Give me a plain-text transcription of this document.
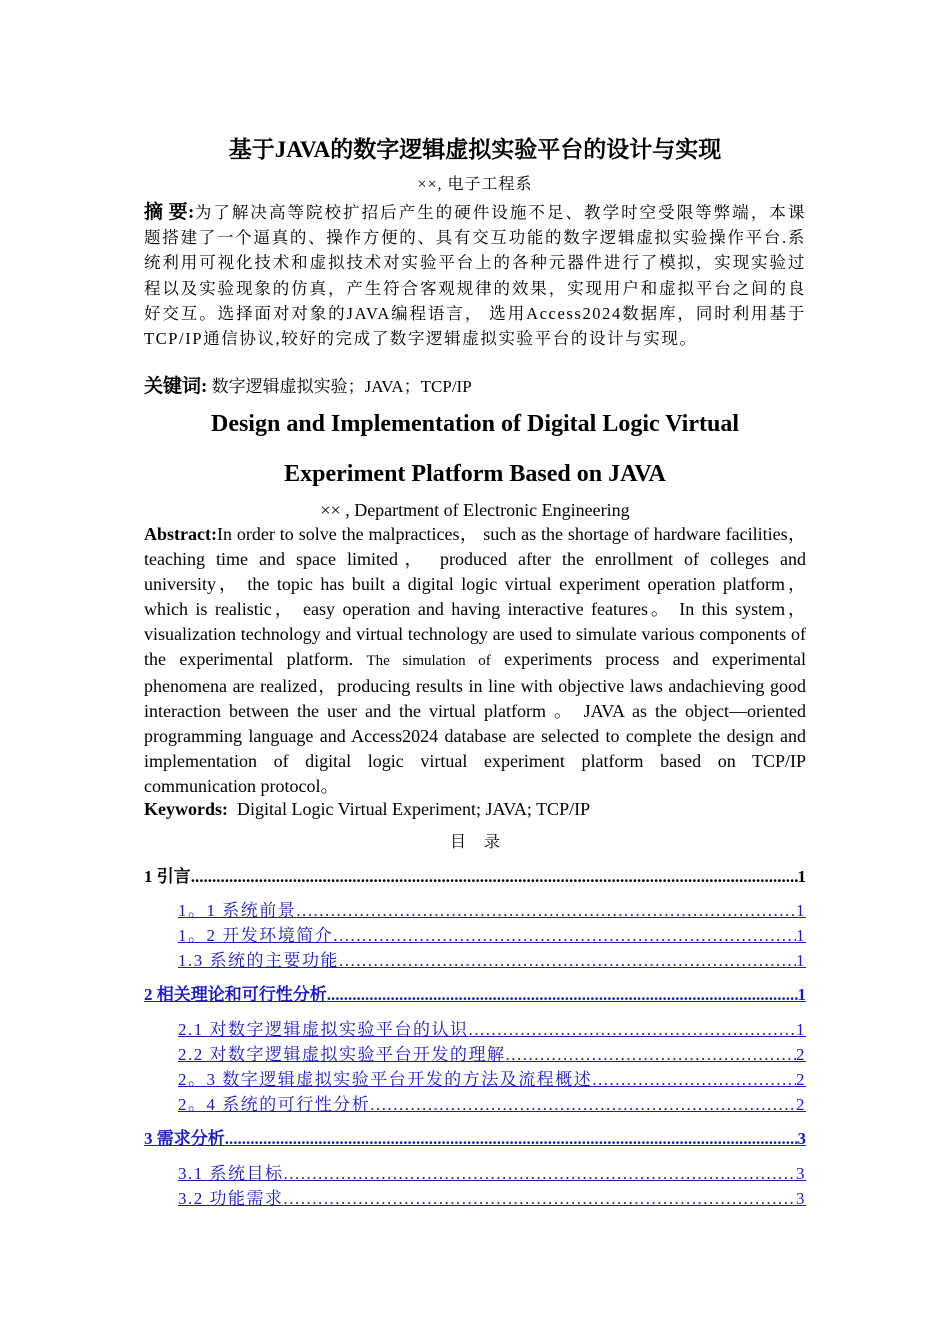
基于JAVA的数字逻辑虚拟实验平台的设计与实现
××, 电子工程系
摘 要:为了解决高等院校扩招后产生的硬件设施不足、教学时空受限等弊端，本课题搭建了一个逼真的、操作方便的、具有交互功能的数字逻辑虚拟实验操作平台.系统利用可视化技术和虚拟技术对实验平台上的各种元器件进行了模拟，实现实验过程以及实验现象的仿真，产生符合客观规律的效果，实现用户和虚拟平台之间的良好交互。选择面对对象的JAVA编程语言， 选用Access2024数据库，同时利用基于TCP/IP通信协议,较好的完成了数字逻辑虚拟实验平台的设计与实现。
关键词: 数字逻辑虚拟实验；JAVA；TCP/IP
Design and Implementation of Digital Logic Virtual
Experiment Platform Based on JAVA
×× , Department of Electronic Engineering
Abstract:In order to solve the malpractices， such as the shortage of hardware facilities， teaching time and space limited， produced after the enrollment of colleges and university， the topic has built a digital logic virtual experiment operation platform， which is realistic， easy operation and having interactive features。 In this system， visualization technology and virtual technology are used to simulate various components of the experimental platform. The simulation of experiments process and experimental phenomena are realized，producing results in line with objective laws andachieving good interaction between the user and the virtual platform 。 JAVA as the object—oriented programming language and Access2024 database are selected to complete the design and implementation of digital logic virtual experiment platform based on TCP/IP communication protocol。
Keywords: Digital Logic Virtual Experiment; JAVA; TCP/IP
目录
1 引言 .....	1
1。1 系统前景 .....	1
1。2 开发环境简介 .....	1
1.3 系统的主要功能 .....	1
2 相关理论和可行性分析 .....	1
2.1 对数字逻辑虚拟实验平台的认识 .....	1
2.2 对数字逻辑虚拟实验平台开发的理解 .....	2
2。3 数字逻辑虚拟实验平台开发的方法及流程概述 .....	2
2。4 系统的可行性分析 .....	2
3 需求分析 .....	3
3.1 系统目标 .....	3
3.2 功能需求 .....	3
